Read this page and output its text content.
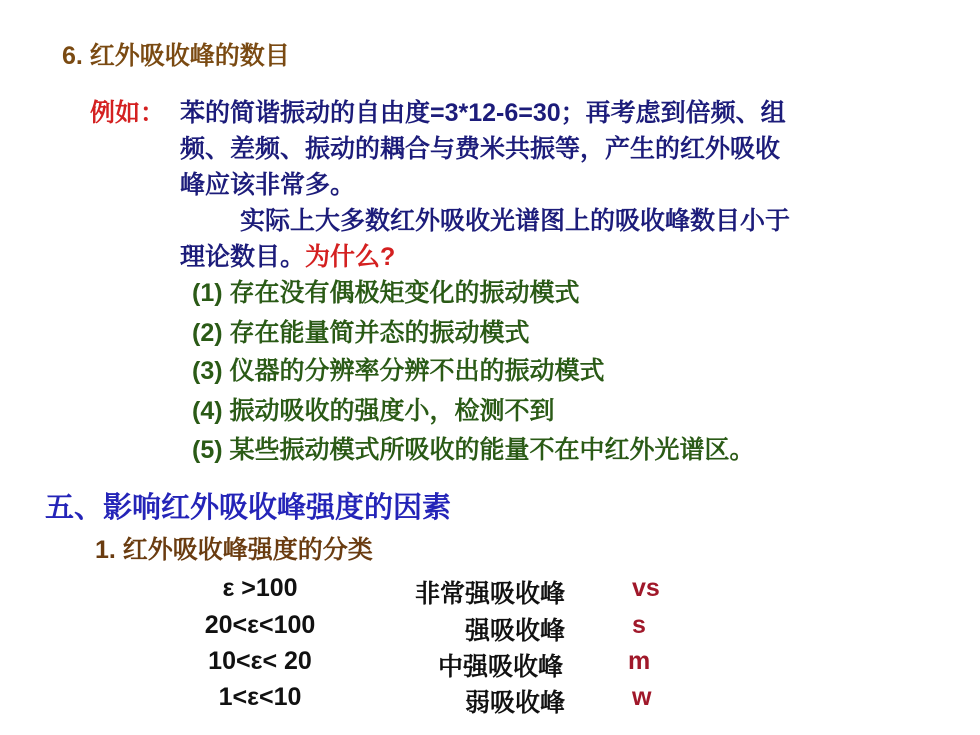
6. 红外吸收峰的数目
例如： 苯的简谐振动的自由度=3*12-6=30；再考虑到倍频、组
频、差频、振动的耦合与费米共振等，产生的红外吸收
峰应该非常多。
实际上大多数红外吸收光谱图上的吸收峰数目小于
理论数目。为什么?
(1) 存在没有偶极矩变化的振动模式
(2) 存在能量简并态的振动模式
(3) 仪器的分辨率分辨不出的振动模式
(4) 振动吸收的强度小，检测不到
(5) 某些振动模式所吸收的能量不在中红外光谱区。
五、影响红外吸收峰强度的因素
1. 红外吸收峰强度的分类
ε >100	非常强吸收峰	vs
20<ε<100	强吸收峰	s
10<ε< 20	中强吸收峰	m
1<ε<10	弱吸收峰	w
